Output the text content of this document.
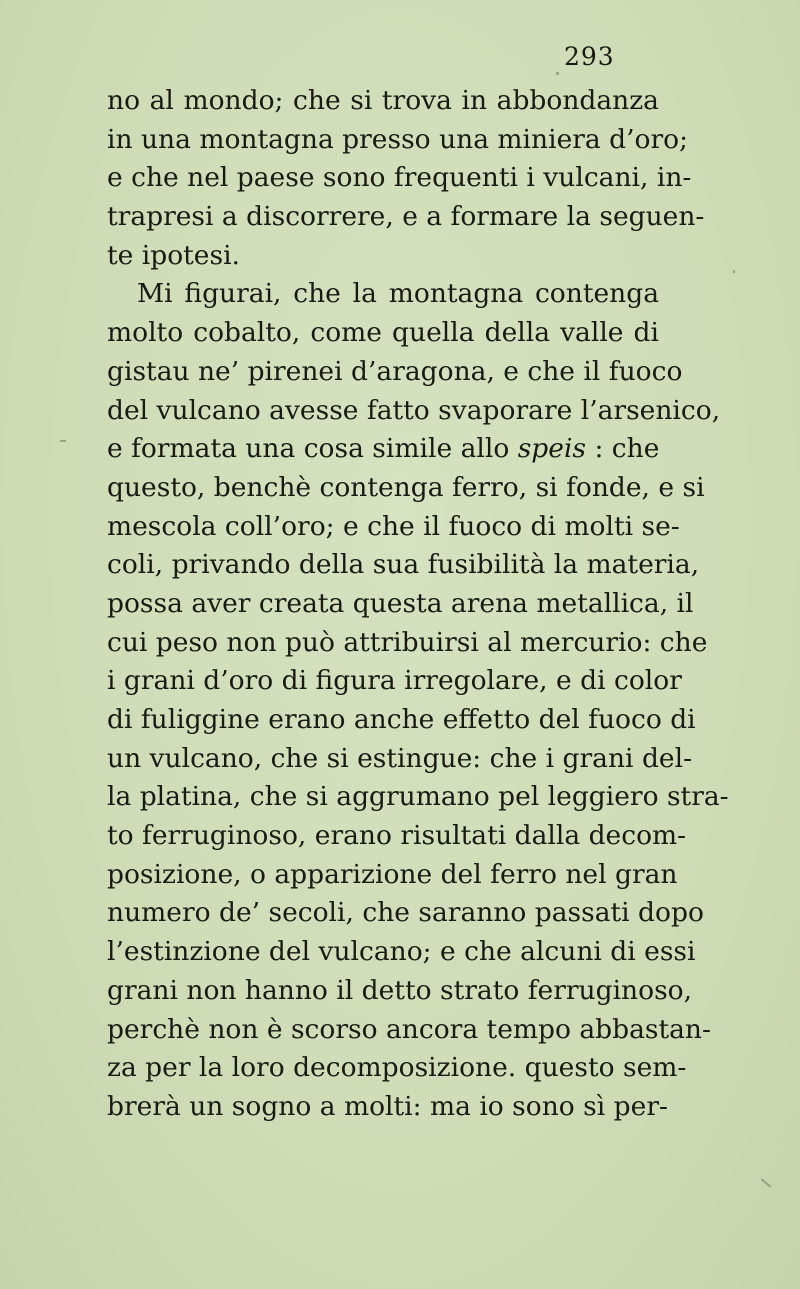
293
no al mondo; che si trova in abbondanza
in una montagna presso una miniera d’oro;
e che nel paese sono frequenti i vulcani, in-
trapresi a discorrere, e a formare la seguen-
te ipotesi.
Mi figurai, che la montagna contenga
molto cobalto, come quella della valle di
gistau ne’ pirenei d’aragona, e che il fuoco
del vulcano avesse fatto svaporare l’arsenico,
e formata una cosa simile allo speis : che
questo, benchè contenga ferro, si fonde, e si
mescola coll’oro; e che il fuoco di molti se-
coli, privando della sua fusibilità la materia,
possa aver creata questa arena metallica, il
cui peso non può attribuirsi al mercurio: che
i grani d’oro di figura irregolare, e di color
di fuliggine erano anche effetto del fuoco di
un vulcano, che si estingue: che i grani del-
la platina, che si aggrumano pel leggiero stra-
to ferruginoso, erano risultati dalla decom-
posizione, o apparizione del ferro nel gran
numero de’ secoli, che saranno passati dopo
l’estinzione del vulcano; e che alcuni di essi
grani non hanno il detto strato ferruginoso,
perchè non è scorso ancora tempo abbastan-
za per la loro decomposizione. questo sem-
brerà un sogno a molti: ma io sono sì per-
